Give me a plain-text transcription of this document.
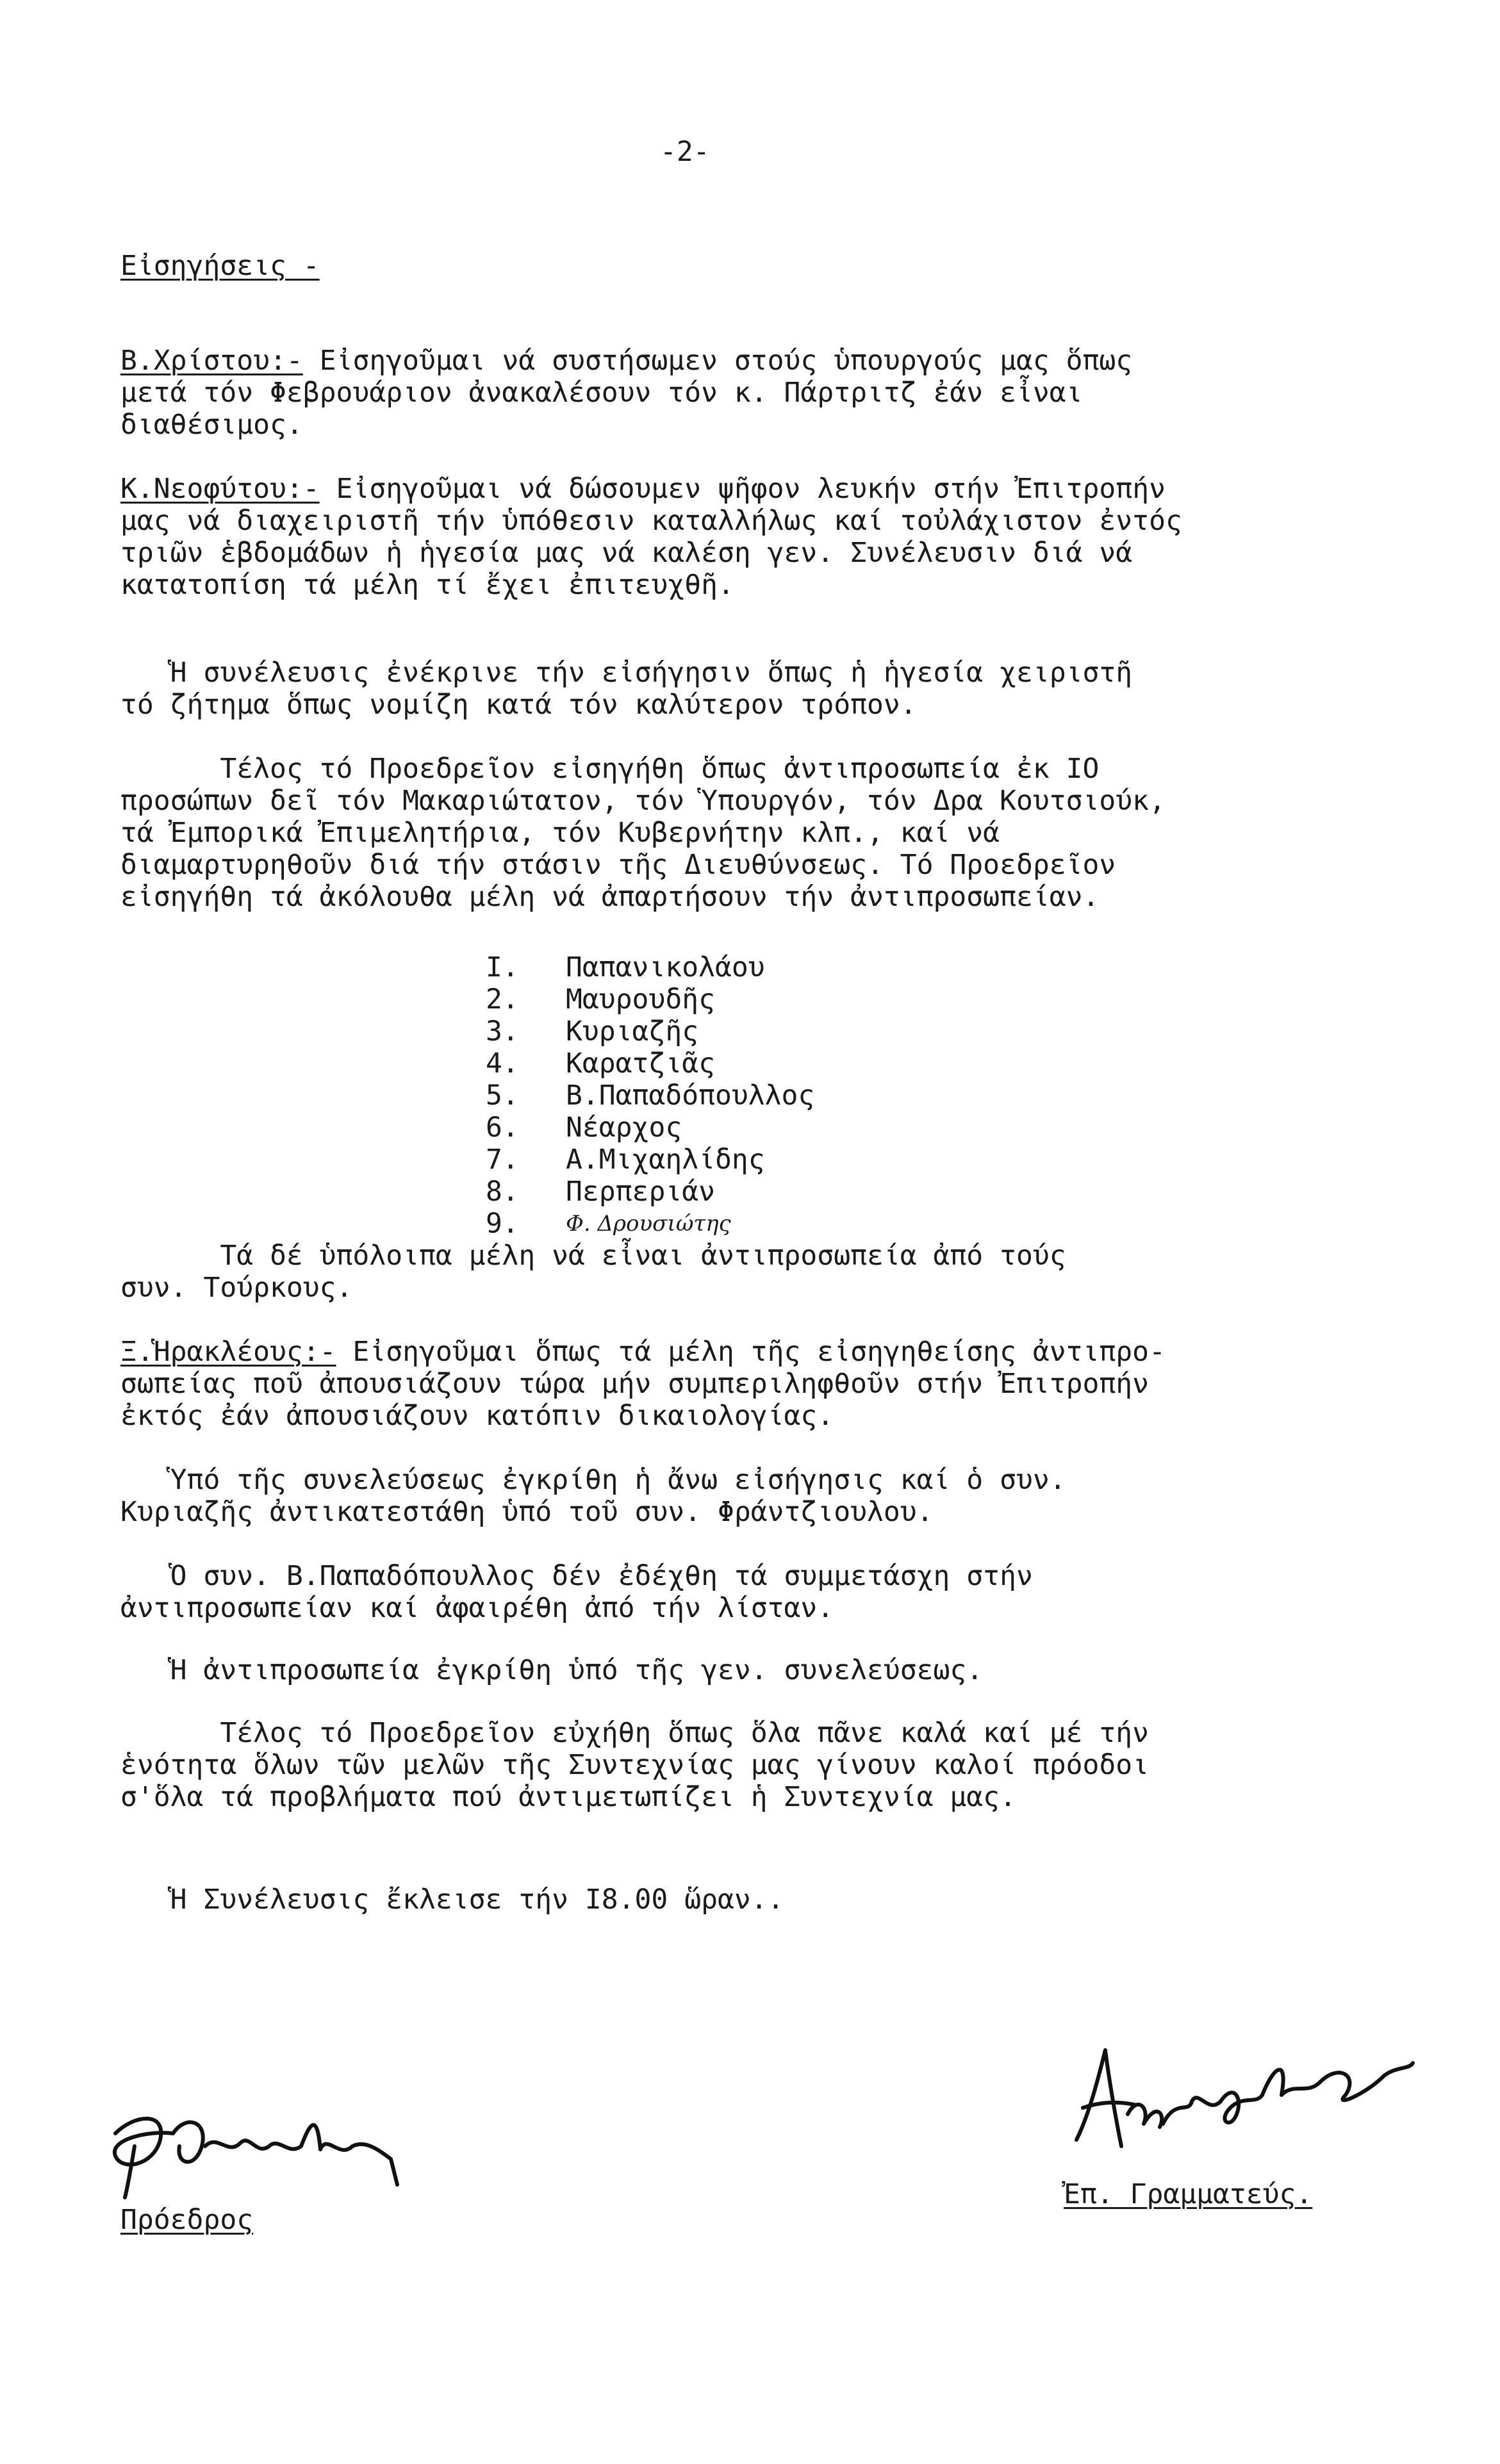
-2-
Εἰσηγήσεις -
Β.Χρίστου:- Εἰσηγοῦμαι νά συστήσωμεν στούς ὑπουργούς μας ὅπως
μετά τόν Φεβρουάριον ἀνακαλέσουν τόν κ. Πάρτριτζ ἐάν εἶναι
διαθέσιμος.
Κ.Νεοφύτου:- Εἰσηγοῦμαι νά δώσουμεν ψῆφον λευκήν στήν Ἐπιτροπήν
μας νά διαχειριστῆ τήν ὑπόθεσιν καταλλήλως καί τοὐλάχιστον ἐντός
τριῶν ἑβδομάδων ἡ ἡγεσία μας νά καλέση γεν. Συνέλευσιν διά νά
κατατοπίση τά μέλη τί ἔχει ἐπιτευχθῆ.
Ἡ συνέλευσις ἐνέκρινε τήν εἰσήγησιν ὅπως ἡ ἡγεσία χειριστῆ
τό ζήτημα ὅπως νομίζη κατά τόν καλύτερον τρόπον.
Τέλος τό Προεδρεῖον εἰσηγήθη ὅπως ἀντιπροσωπεία ἐκ ΙΟ
προσώπων δεῖ τόν Μακαριώτατον, τόν Ὑπουργόν, τόν Δρα Κουτσιούκ,
τά Ἐμπορικά Ἐπιμελητήρια, τόν Κυβερνήτην κλπ., καί νά
διαμαρτυρηθοῦν διά τήν στάσιν τῆς Διευθύνσεως. Τό Προεδρεῖον
εἰσηγήθη τά ἀκόλουθα μέλη νά ἀπαρτήσουν τήν ἀντιπροσωπείαν.
Ι.	Παπανικολάου
2.	Μαυρουδῆς
3.	Κυριαζῆς
4.	Καρατζιᾶς
5.	Β.Παπαδόπουλλος
6.	Νέαρχος
7.	Α.Μιχαηλίδης
8.	Περπεριάν
9.	Φ. Δρουσιώτης
Τά δέ ὑπόλοιπα μέλη νά εἶναι ἀντιπροσωπεία ἀπό τούς
συν. Τούρκους.
Ξ.Ἡρακλέους:- Εἰσηγοῦμαι ὅπως τά μέλη τῆς εἰσηγηθείσης ἀντιπρο-
σωπείας ποῦ ἀπουσιάζουν τώρα μήν συμπεριληφθοῦν στήν Ἐπιτροπήν
ἐκτός ἐάν ἀπουσιάζουν κατόπιν δικαιολογίας.
Ὑπό τῆς συνελεύσεως ἐγκρίθη ἡ ἄνω εἰσήγησις καί ὁ συν.
Κυριαζῆς ἀντικατεστάθη ὑπό τοῦ συν. Φράντζιουλου.
Ὁ συν. Β.Παπαδόπουλλος δέν ἐδέχθη τά συμμετάσχη στήν
ἀντιπροσωπείαν καί ἀφαιρέθη ἀπό τήν λίσταν.
Ἡ ἀντιπροσωπεία ἐγκρίθη ὑπό τῆς γεν. συνελεύσεως.
Τέλος τό Προεδρεῖον εὐχήθη ὅπως ὅλα πᾶνε καλά καί μέ τήν
ἑνότητα ὅλων τῶν μελῶν τῆς Συντεχνίας μας γίνουν καλοί πρόοδοι
σ'ὅλα τά προβλήματα πού ἀντιμετωπίζει ἡ Συντεχνία μας.
Ἡ Συνέλευσις ἔκλεισε τήν Ι8.00 ὥραν..
Πρόεδρος
Ἐπ. Γραμματεύς.
